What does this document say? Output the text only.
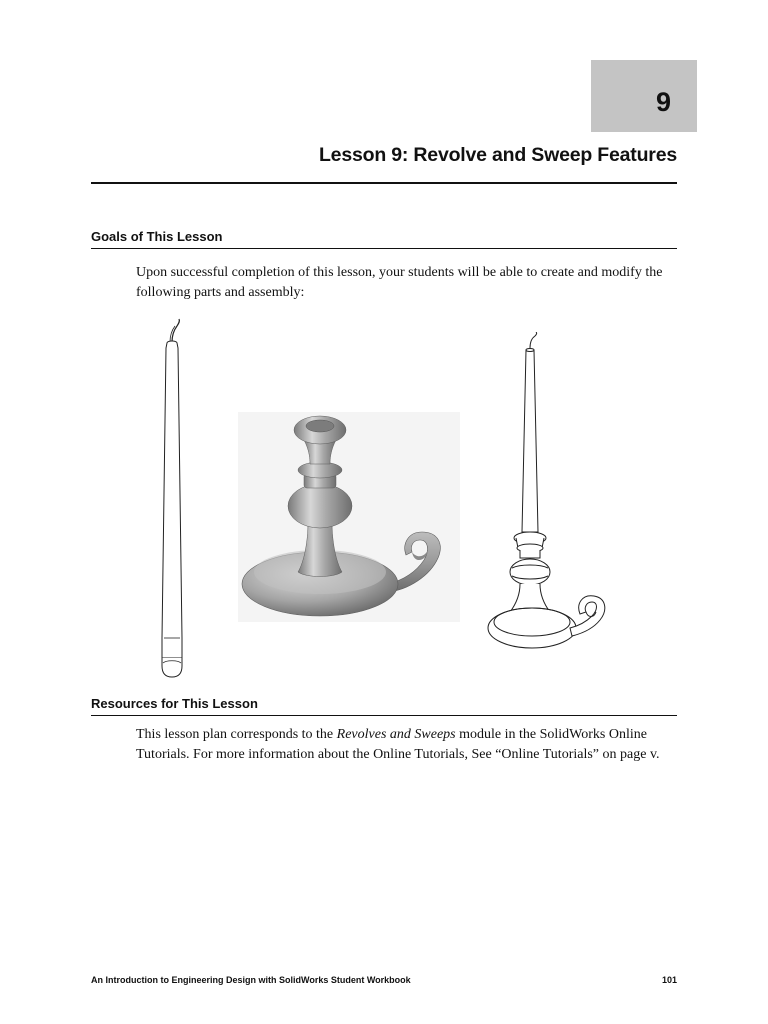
9
Lesson 9: Revolve and Sweep Features
Goals of This Lesson
Upon successful completion of this lesson, your students will be able to create and modify the following parts and assembly:
Resources for This Lesson
This lesson plan corresponds to the Revolves and Sweeps module in the SolidWorks Online Tutorials. For more information about the Online Tutorials, See “Online Tutorials” on page v.
An Introduction to Engineering Design with SolidWorks Student Workbook	101
